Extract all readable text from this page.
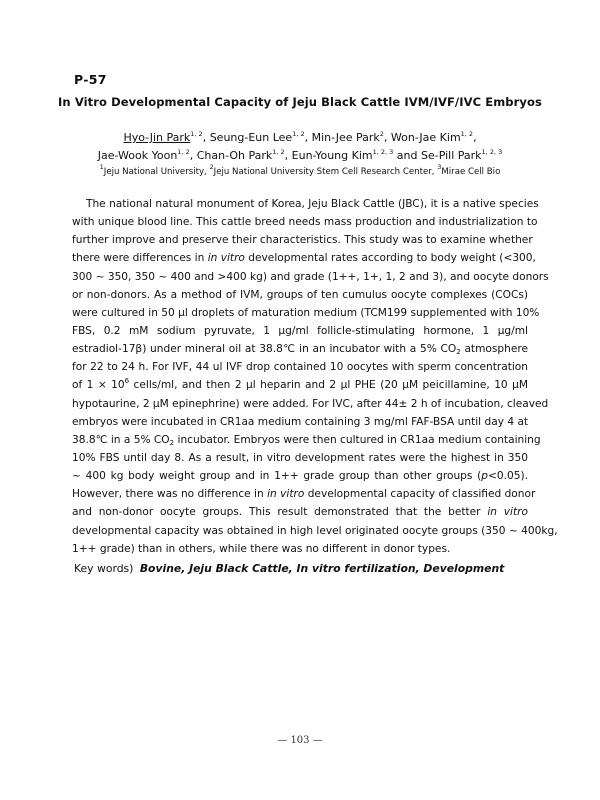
P-57
In Vitro Developmental Capacity of Jeju Black Cattle IVM/IVF/IVC Embryos
Hyo-Jin Park$^{1, 2}$, Seung-Eun Lee$^{1, 2}$, Min-Jee Park$^2$, Won-Jae Kim$^{1, 2}$,
Jae-Wook Yoon$^{1, 2}$, Chan-Oh Park$^{1, 2}$, Eun-Young Kim$^{1, 2, 3}$ and Se-Pill Park$^{1, 2, 3}$
$^1$Jeju National University, $^2$Jeju National University Stem Cell Research Center, $^3$Mirae Cell Bio
The national natural monument of Korea, Jeju Black Cattle (JBC), it is a native species
with unique blood line. This cattle breed needs mass production and industrialization to
further improve and preserve their characteristics. This study was to examine whether
there were differences in in vitro developmental rates according to body weight (<300,
300 ~ 350, 350 ~ 400 and >400 kg) and grade (1++, 1+, 1, 2 and 3), and oocyte donors
or non-donors. As a method of IVM, groups of ten cumulus oocyte complexes (COCs)
were cultured in 50 μl droplets of maturation medium (TCM199 supplemented with 10%
FBS, 0.2 mM sodium pyruvate, 1 μg/ml follicle-stimulating hormone, 1 μg/ml
estradiol-17β) under mineral oil at 38.8℃ in an incubator with a 5% $CO_2$ atmosphere
for 22 to 24 h. For IVF, 44 ul IVF drop contained 10 oocytes with sperm concentration
of $1 \times 10^6$ cells/ml, and then 2 μl heparin and 2 μl PHE (20 μM peicillamine, 10 μM
hypotaurine, 2 μM epinephrine) were added. For IVC, after 44± 2 h of incubation, cleaved
embryos were incubated in CR1aa medium containing 3 mg/ml FAF-BSA until day 4 at
38.8℃ in a 5% $CO_2$ incubator. Embryos were then cultured in CR1aa medium containing
10% FBS until day 8. As a result, in vitro development rates were the highest in 350
~ 400 kg body weight group and in 1++ grade group than other groups (p<0.05).
However, there was no difference in in vitro developmental capacity of classified donor
and non-donor oocyte groups. This result demonstrated that the better in vitro
developmental capacity was obtained in high level originated oocyte groups (350 ~ 400kg,
1++ grade) than in others, while there was no different in donor types.
Key words) Bovine, Jeju Black Cattle, In vitro fertilization, Development
— 103 —
